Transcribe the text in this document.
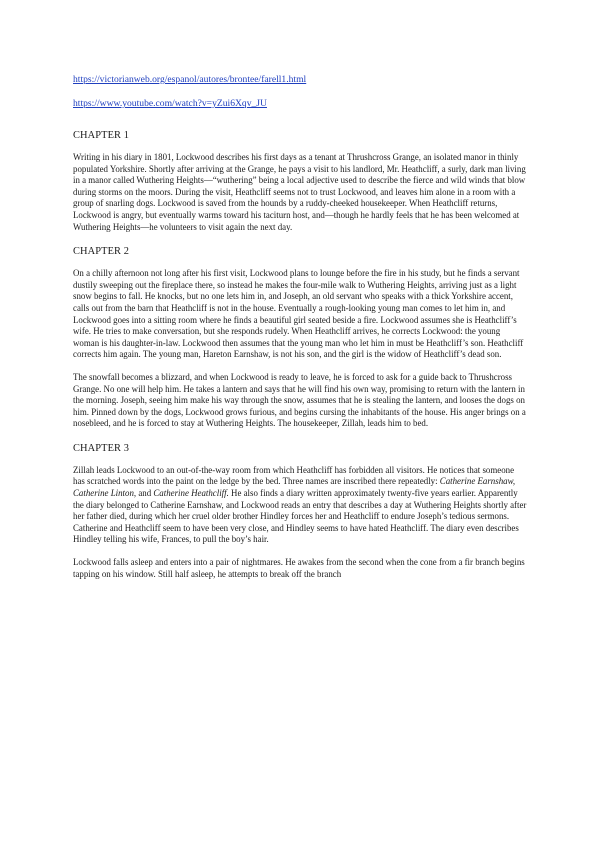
https://victorianweb.org/espanol/autores/brontee/farell1.html
https://www.youtube.com/watch?v=yZui6Xqv_JU
CHAPTER 1

Writing in his diary in 1801, Lockwood describes his first days as a tenant at Thrushcross Grange, an isolated manor in thinly populated Yorkshire. Shortly after arriving at the Grange, he pays a visit to his landlord, Mr. Heathcliff, a surly, dark man living in a manor called Wuthering Heights—“wuthering” being a local adjective used to describe the fierce and wild winds that blow during storms on the moors. During the visit, Heathcliff seems not to trust Lockwood, and leaves him alone in a room with a group of snarling dogs. Lockwood is saved from the hounds by a ruddy-cheeked housekeeper. When Heathcliff returns, Lockwood is angry, but eventually warms toward his taciturn host, and—though he hardly feels that he has been welcomed at Wuthering Heights—he volunteers to visit again the next day.

CHAPTER 2

On a chilly afternoon not long after his first visit, Lockwood plans to lounge before the fire in his study, but he finds a servant dustily sweeping out the fireplace there, so instead he makes the four-mile walk to Wuthering Heights, arriving just as a light snow begins to fall. He knocks, but no one lets him in, and Joseph, an old servant who speaks with a thick Yorkshire accent, calls out from the barn that Heathcliff is not in the house. Eventually a rough-looking young man comes to let him in, and Lockwood goes into a sitting room where he finds a beautiful girl seated beside a fire. Lockwood assumes she is Heathcliff’s wife. He tries to make conversation, but she responds rudely. When Heathcliff arrives, he corrects Lockwood: the young woman is his daughter-in-law. Lockwood then assumes that the young man who let him in must be Heathcliff’s son. Heathcliff corrects him again. The young man, Hareton Earnshaw, is not his son, and the girl is the widow of Heathcliff’s dead son.

The snowfall becomes a blizzard, and when Lockwood is ready to leave, he is forced to ask for a guide back to Thrushcross Grange. No one will help him. He takes a lantern and says that he will find his own way, promising to return with the lantern in the morning. Joseph, seeing him make his way through the snow, assumes that he is stealing the lantern, and looses the dogs on him. Pinned down by the dogs, Lockwood grows furious, and begins cursing the inhabitants of the house. His anger brings on a nosebleed, and he is forced to stay at Wuthering Heights. The housekeeper, Zillah, leads him to bed.

CHAPTER 3

Zillah leads Lockwood to an out-of-the-way room from which Heathcliff has forbidden all visitors. He notices that someone has scratched words into the paint on the ledge by the bed. Three names are inscribed there repeatedly: Catherine Earnshaw, Catherine Linton, and Catherine Heathcliff. He also finds a diary written approximately twenty-five years earlier. Apparently the diary belonged to Catherine Earnshaw, and Lockwood reads an entry that describes a day at Wuthering Heights shortly after her father died, during which her cruel older brother Hindley forces her and Heathcliff to endure Joseph’s tedious sermons. Catherine and Heathcliff seem to have been very close, and Hindley seems to have hated Heathcliff. The diary even describes Hindley telling his wife, Frances, to pull the boy’s hair.

Lockwood falls asleep and enters into a pair of nightmares. He awakes from the second when the cone from a fir branch begins tapping on his window. Still half asleep, he attempts to break off the branch
